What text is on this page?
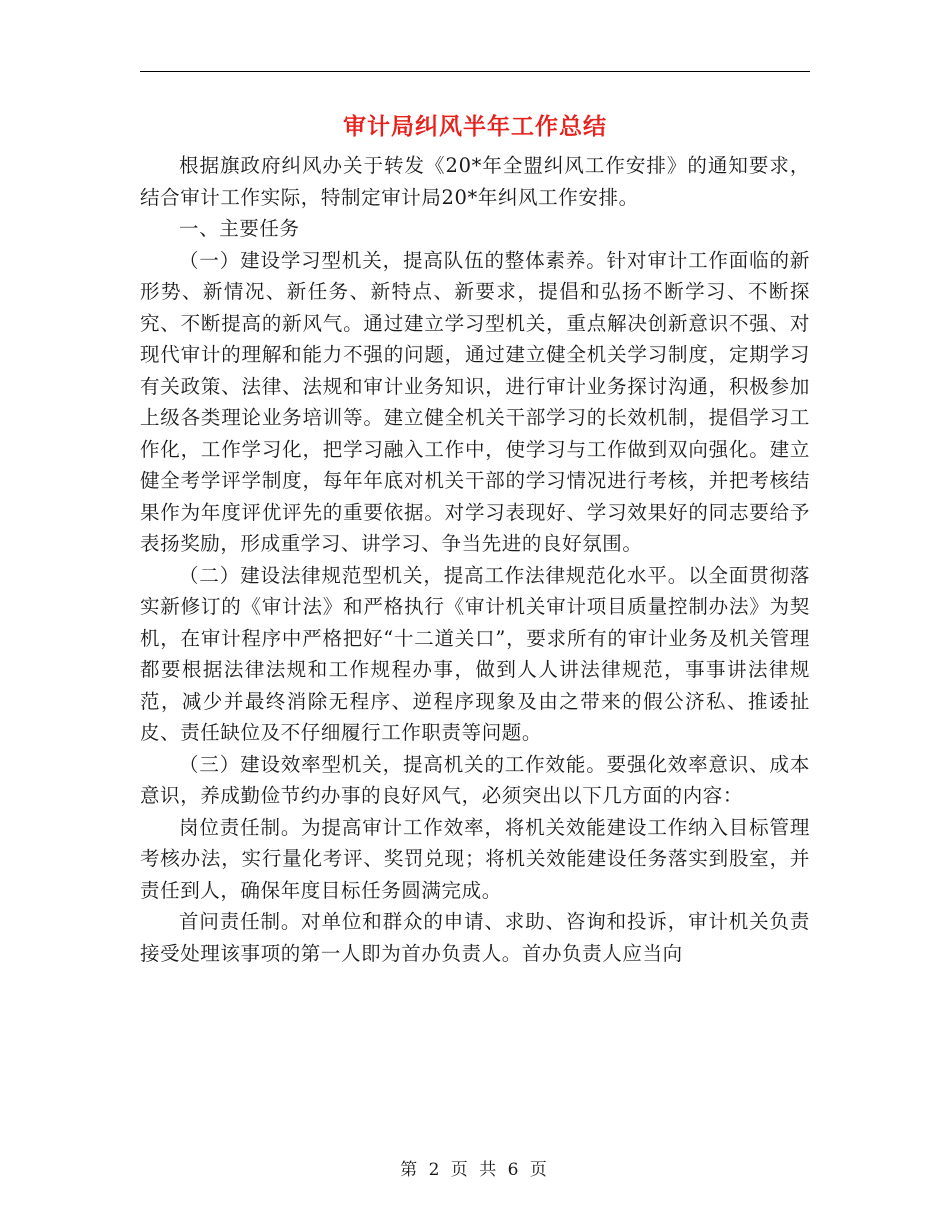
审计局纠风半年工作总结

根据旗政府纠风办关于转发《20*年全盟纠风工作安排》的通知要求，结合审计工作实际，特制定审计局20*年纠风工作安排。

一、主要任务

（一）建设学习型机关，提高队伍的整体素养。针对审计工作面临的新形势、新情况、新任务、新特点、新要求，提倡和弘扬不断学习、不断探究、不断提高的新风气。通过建立学习型机关，重点解决创新意识不强、对现代审计的理解和能力不强的问题，通过建立健全机关学习制度，定期学习有关政策、法律、法规和审计业务知识，进行审计业务探讨沟通，积极参加上级各类理论业务培训等。建立健全机关干部学习的长效机制，提倡学习工作化，工作学习化，把学习融入工作中，使学习与工作做到双向强化。建立健全考学评学制度，每年年底对机关干部的学习情况进行考核，并把考核结果作为年度评优评先的重要依据。对学习表现好、学习效果好的同志要给予表扬奖励，形成重学习、讲学习、争当先进的良好氛围。

（二）建设法律规范型机关，提高工作法律规范化水平。以全面贯彻落实新修订的《审计法》和严格执行《审计机关审计项目质量控制办法》为契机，在审计程序中严格把好“十二道关口”，要求所有的审计业务及机关管理都要根据法律法规和工作规程办事，做到人人讲法律规范，事事讲法律规范，减少并最终消除无程序、逆程序现象及由之带来的假公济私、推诿扯皮、责任缺位及不仔细履行工作职责等问题。

（三）建设效率型机关，提高机关的工作效能。要强化效率意识、成本意识，养成勤俭节约办事的良好风气，必须突出以下几方面的内容：

岗位责任制。为提高审计工作效率，将机关效能建设工作纳入目标管理考核办法，实行量化考评、奖罚兑现；将机关效能建设任务落实到股室，并责任到人，确保年度目标任务圆满完成。

首问责任制。对单位和群众的申请、求助、咨询和投诉，审计机关负责接受处理该事项的第一人即为首办负责人。首办负责人应当向

第 2 页 共 6 页
